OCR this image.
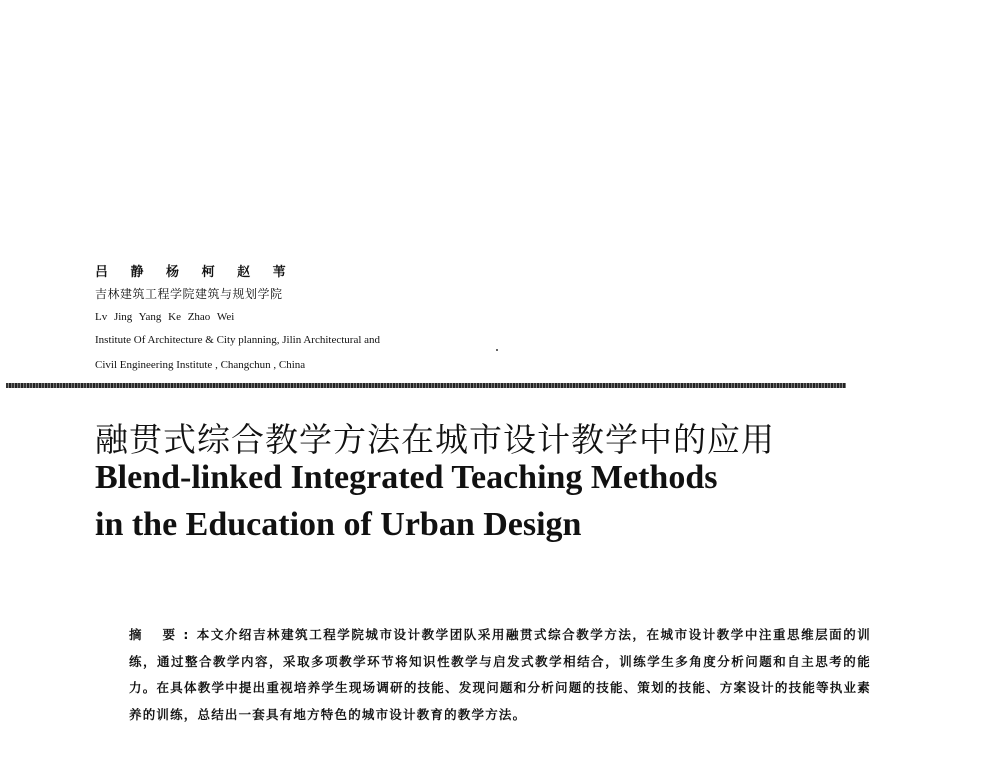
吕 静 杨 柯 赵 苇
吉林建筑工程学院建筑与规划学院
Lv Jing Yang Ke Zhao Wei
Institute Of Architecture & City planning, Jilin Architectural and
Civil Engineering Institute , Changchun , China
融贯式综合教学方法在城市设计教学中的应用
Blend-linked Integrated Teaching Methods
in the Education of Urban Design
摘 要:本文介绍吉林建筑工程学院城市设计教学团队采用融贯式综合教学方法，在城市设计教学中注重思维层面的训练，通过整合教学内容，采取多项教学环节将知识性教学与启发式教学相结合，训练学生多角度分析问题和自主思考的能力。在具体教学中提出重视培养学生现场调研的技能、发现问题和分析问题的技能、策划的技能、方案设计的技能等执业素养的训练，总结出一套具有地方特色的城市设计教育的教学方法。
